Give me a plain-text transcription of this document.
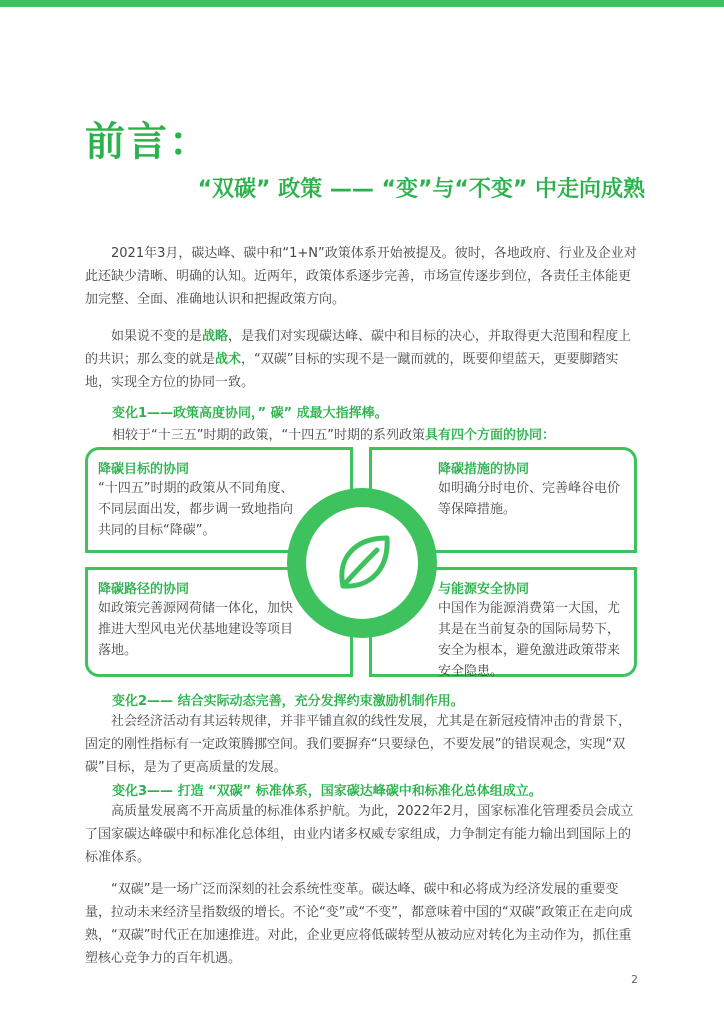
前言：
“双碳” 政策 —— “变”与“不变” 中走向成熟

2021年3月，碳达峰、碳中和“1+N”政策体系开始被提及。彼时，各地政府、行业及企业对此还缺少清晰、明确的认知。近两年，政策体系逐步完善，市场宣传逐步到位，各责任主体能更加完整、全面、准确地认识和把握政策方向。

如果说不变的是战略，是我们对实现碳达峰、碳中和目标的决心，并取得更大范围和程度上的共识；那么变的就是战术，“双碳”目标的实现不是一蹴而就的，既要仰望蓝天，更要脚踏实地，实现全方位的协同一致。

变化1——政策高度协同，” 碳” 成最大指挥棒。

相较于“十三五”时期的政策，“十四五”时期的系列政策具有四个方面的协同：

降碳目标的协同

“十四五”时期的政策从不同角度、不同层面出发，都步调一致地指向共同的目标“降碳”。

降碳措施的协同

如明确分时电价、完善峰谷电价等保障措施。

降碳路径的协同

如政策完善源网荷储一体化，加快推进大型风电光伏基地建设等项目落地。

与能源安全协同

中国作为能源消费第一大国，尤其是在当前复杂的国际局势下，安全为根本，避免激进政策带来安全隐患。

变化2—— 结合实际动态完善，充分发挥约束激励机制作用。

社会经济活动有其运转规律，并非平铺直叙的线性发展，尤其是在新冠疫情冲击的背景下，固定的刚性指标有一定政策腾挪空间。我们要摒弃“只要绿色，不要发展”的错误观念，实现“双碳”目标，是为了更高质量的发展。

变化3—— 打造 “双碳” 标准体系，国家碳达峰碳中和标准化总体组成立。

高质量发展离不开高质量的标准体系护航。为此，2022年2月，国家标准化管理委员会成立了国家碳达峰碳中和标准化总体组，由业内诸多权威专家组成，力争制定有能力输出到国际上的标准体系。

“双碳”是一场广泛而深刻的社会系统性变革。碳达峰、碳中和必将成为经济发展的重要变量，拉动未来经济呈指数级的增长。不论“变”或“不变”，都意味着中国的“双碳”政策正在走向成熟，“双碳”时代正在加速推进。对此，企业更应将低碳转型从被动应对转化为主动作为，抓住重塑核心竞争力的百年机遇。

2
